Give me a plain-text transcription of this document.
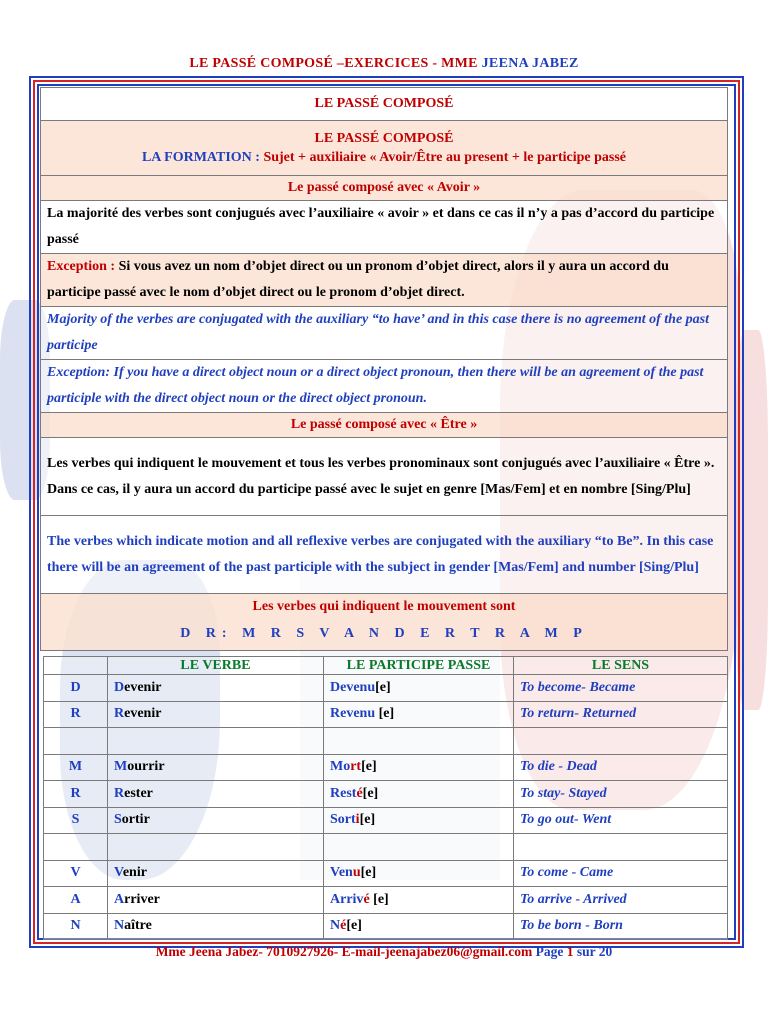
LE PASSÉ COMPOSÉ –EXERCICES - MME JEENA JABEZ
LE PASSÉ COMPOSÉ

LE PASSÉ COMPOSÉ
LA FORMATION : Sujet + auxiliaire « Avoir/Être au present + le participe passé

Le passé composé avec « Avoir »
La majorité des verbes sont conjugués avec l’auxiliaire « avoir » et dans ce cas il n’y a pas d’accord du participe passé
Exception : Si vous avez un nom d’objet direct ou un pronom d’objet direct, alors il y aura un accord du participe passé avec le nom d’objet direct ou le pronom d’objet direct.
Majority of the verbes are conjugated with the auxiliary “to have’ and in this case there is no agreement of the past participe
Exception: If you have a direct object noun or a direct object pronoun, then there will be an agreement of the past participle with the direct object noun or the direct object pronoun.
Le passé composé avec « Être »
Les verbes qui indiquent le mouvement et tous les verbes pronominaux sont conjugués avec l’auxiliaire « Être ». Dans ce cas, il y aura un accord du participe passé avec le sujet en genre [Mas/Fem] et en nombre [Sing/Plu]
The verbes which indicate motion and all reflexive verbes are conjugated with the auxiliary “to Be”. In this case there will be an agreement of the past participle with the subject in gender [Mas/Fem] and number [Sing/Plu]

Les verbes qui indiquent le mouvement sont
D R: M R S V A N D E R T R A M P
	LE VERBE	LE PARTICIPE PASSE	LE SENS
D	Devenir	Devenu[e]	To become- Became
R	Revenir	Revenu [e]	To return- Returned

M	Mourrir	Mort[e]	To die - Dead
R	Rester	Resté[e]	To stay- Stayed
S	Sortir	Sorti[e]	To go out- Went

V	Venir	Venu[e]	To come - Came
A	Arriver	Arrivé [e]	To arrive - Arrived
N	Naître	Né[e]	To be born - Born
Mme Jeena Jabez- 7010927926- E-mail-jeenajabez06@gmail.com Page 1 sur 20
